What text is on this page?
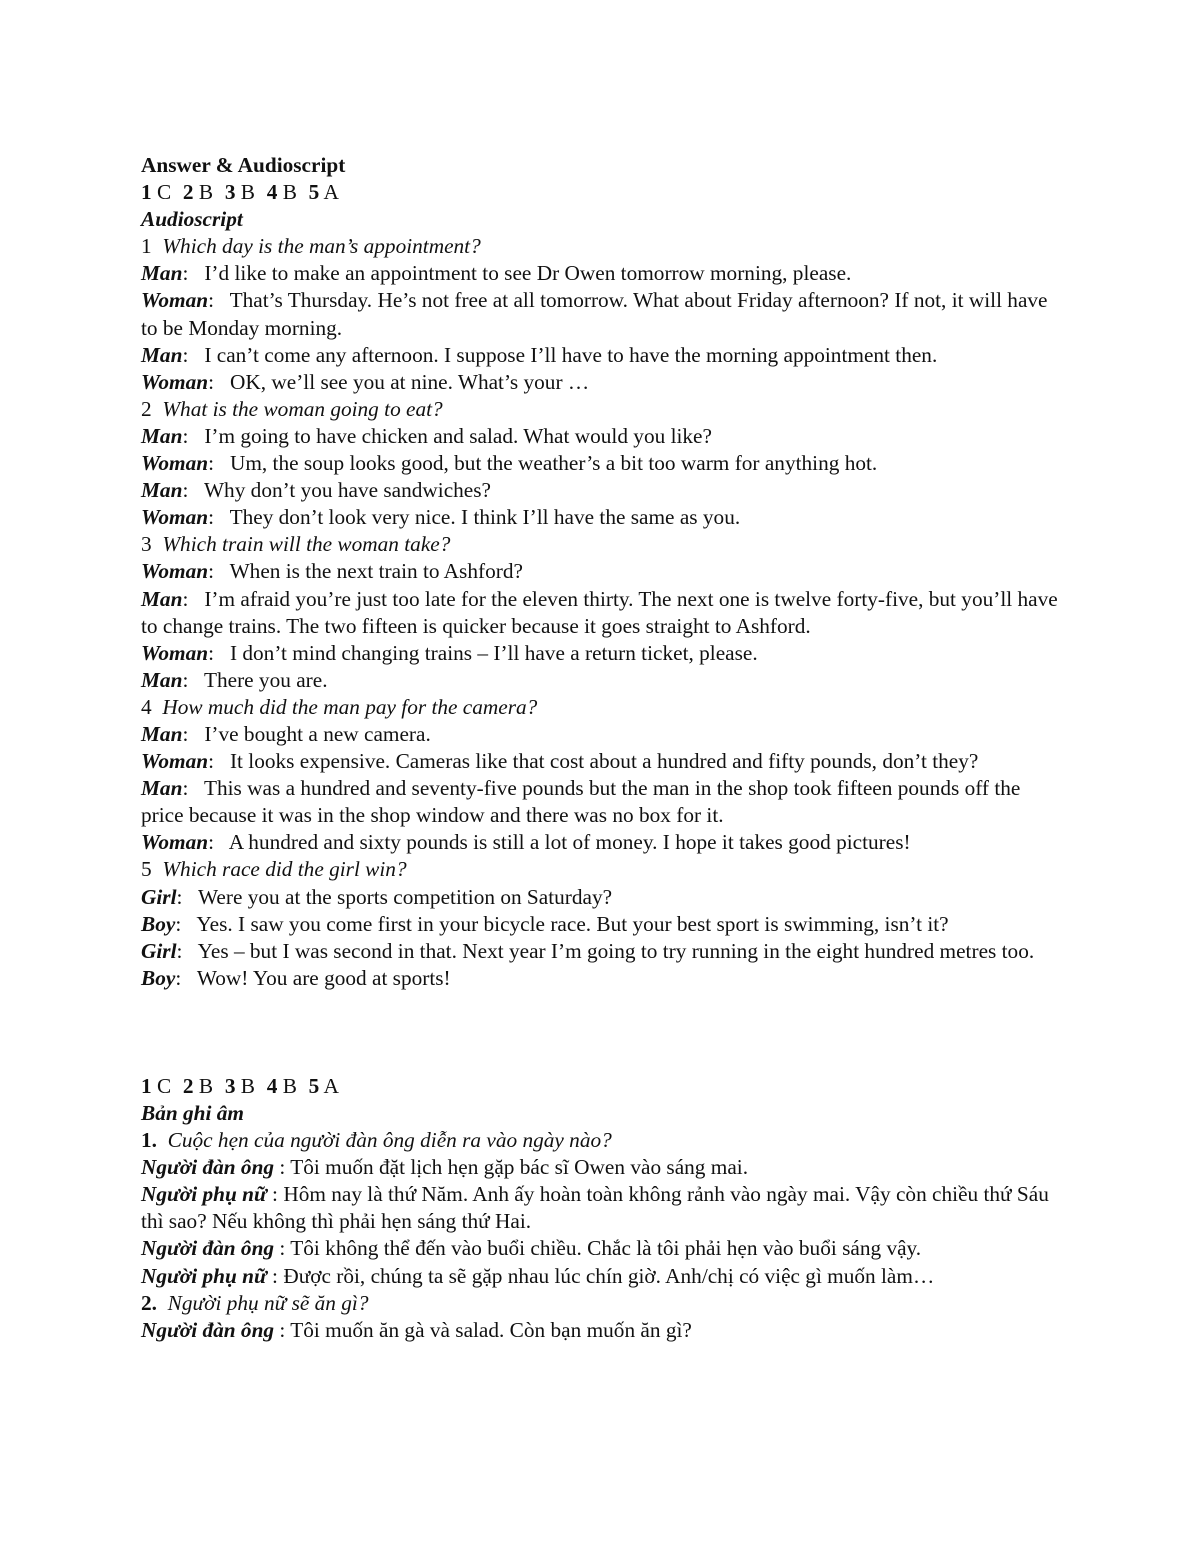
Answer & Audioscript

1 C 2 B 3 B 4 B 5 A

Audioscript

1 Which day is the man’s appointment?

Man:   I’d like to make an appointment to see Dr Owen tomorrow morning, please.

Woman:   That’s Thursday. He’s not free at all tomorrow. What about Friday afternoon? If not, it will have to be Monday morning.

Man:   I can’t come any afternoon. I suppose I’ll have to have the morning appointment then.

Woman:   OK, we’ll see you at nine. What’s your …

2 What is the woman going to eat?

Man:   I’m going to have chicken and salad. What would you like?

Woman:   Um, the soup looks good, but the weather’s a bit too warm for anything hot.

Man:   Why don’t you have sandwiches?

Woman:   They don’t look very nice. I think I’ll have the same as you.

3 Which train will the woman take?

Woman:   When is the next train to Ashford?

Man:   I’m afraid you’re just too late for the eleven thirty. The next one is twelve forty-five, but you’ll have to change trains. The two fifteen is quicker because it goes straight to Ashford.

Woman:   I don’t mind changing trains – I’ll have a return ticket, please.

Man:   There you are.

4 How much did the man pay for the camera?

Man:   I’ve bought a new camera.

Woman:   It looks expensive. Cameras like that cost about a hundred and fifty pounds, don’t they?

Man:   This was a hundred and seventy-five pounds but the man in the shop took fifteen pounds off the price because it was in the shop window and there was no box for it.

Woman:   A hundred and sixty pounds is still a lot of money. I hope it takes good pictures!

5 Which race did the girl win?

Girl:   Were you at the sports competition on Saturday?

Boy:   Yes. I saw you come first in your bicycle race. But your best sport is swimming, isn’t it?

Girl:   Yes – but I was second in that. Next year I’m going to try running in the eight hundred metres too.

Boy:   Wow! You are good at sports!

1 C 2 B 3 B 4 B 5 A

Bản ghi âm

1. Cuộc hẹn của người đàn ông diễn ra vào ngày nào?

Người đàn ông : Tôi muốn đặt lịch hẹn gặp bác sĩ Owen vào sáng mai.

Người phụ nữ : Hôm nay là thứ Năm. Anh ấy hoàn toàn không rảnh vào ngày mai. Vậy còn chiều thứ Sáu thì sao? Nếu không thì phải hẹn sáng thứ Hai.

Người đàn ông : Tôi không thể đến vào buổi chiều. Chắc là tôi phải hẹn vào buổi sáng vậy.

Người phụ nữ : Được rồi, chúng ta sẽ gặp nhau lúc chín giờ. Anh/chị có việc gì muốn làm…

2. Người phụ nữ sẽ ăn gì?

Người đàn ông : Tôi muốn ăn gà và salad. Còn bạn muốn ăn gì?
